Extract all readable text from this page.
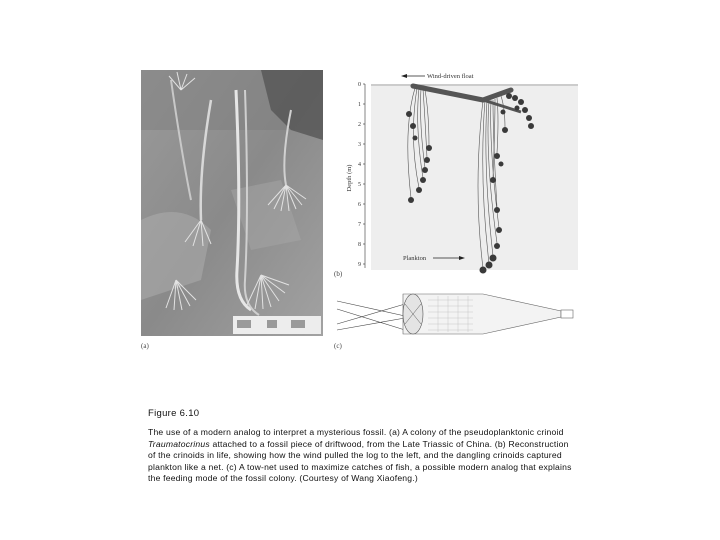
(a)
0
1
2
3
4
5
6
7
8
9
Depth (m)
Wind-driven float
Plankton
(b)
(c)
Figure 6.10
The use of a modern analog to interpret a mysterious fossil. (a) A colony of the pseudoplanktonic crinoid Traumatocrinus attached to a fossil piece of driftwood, from the Late Triassic of China. (b) Reconstruction of the crinoids in life, showing how the wind pulled the log to the left, and the dangling crinoids captured plankton like a net. (c) A tow-net used to maximize catches of fish, a possible modern analog that explains the feeding mode of the fossil colony. (Courtesy of Wang Xiaofeng.)
